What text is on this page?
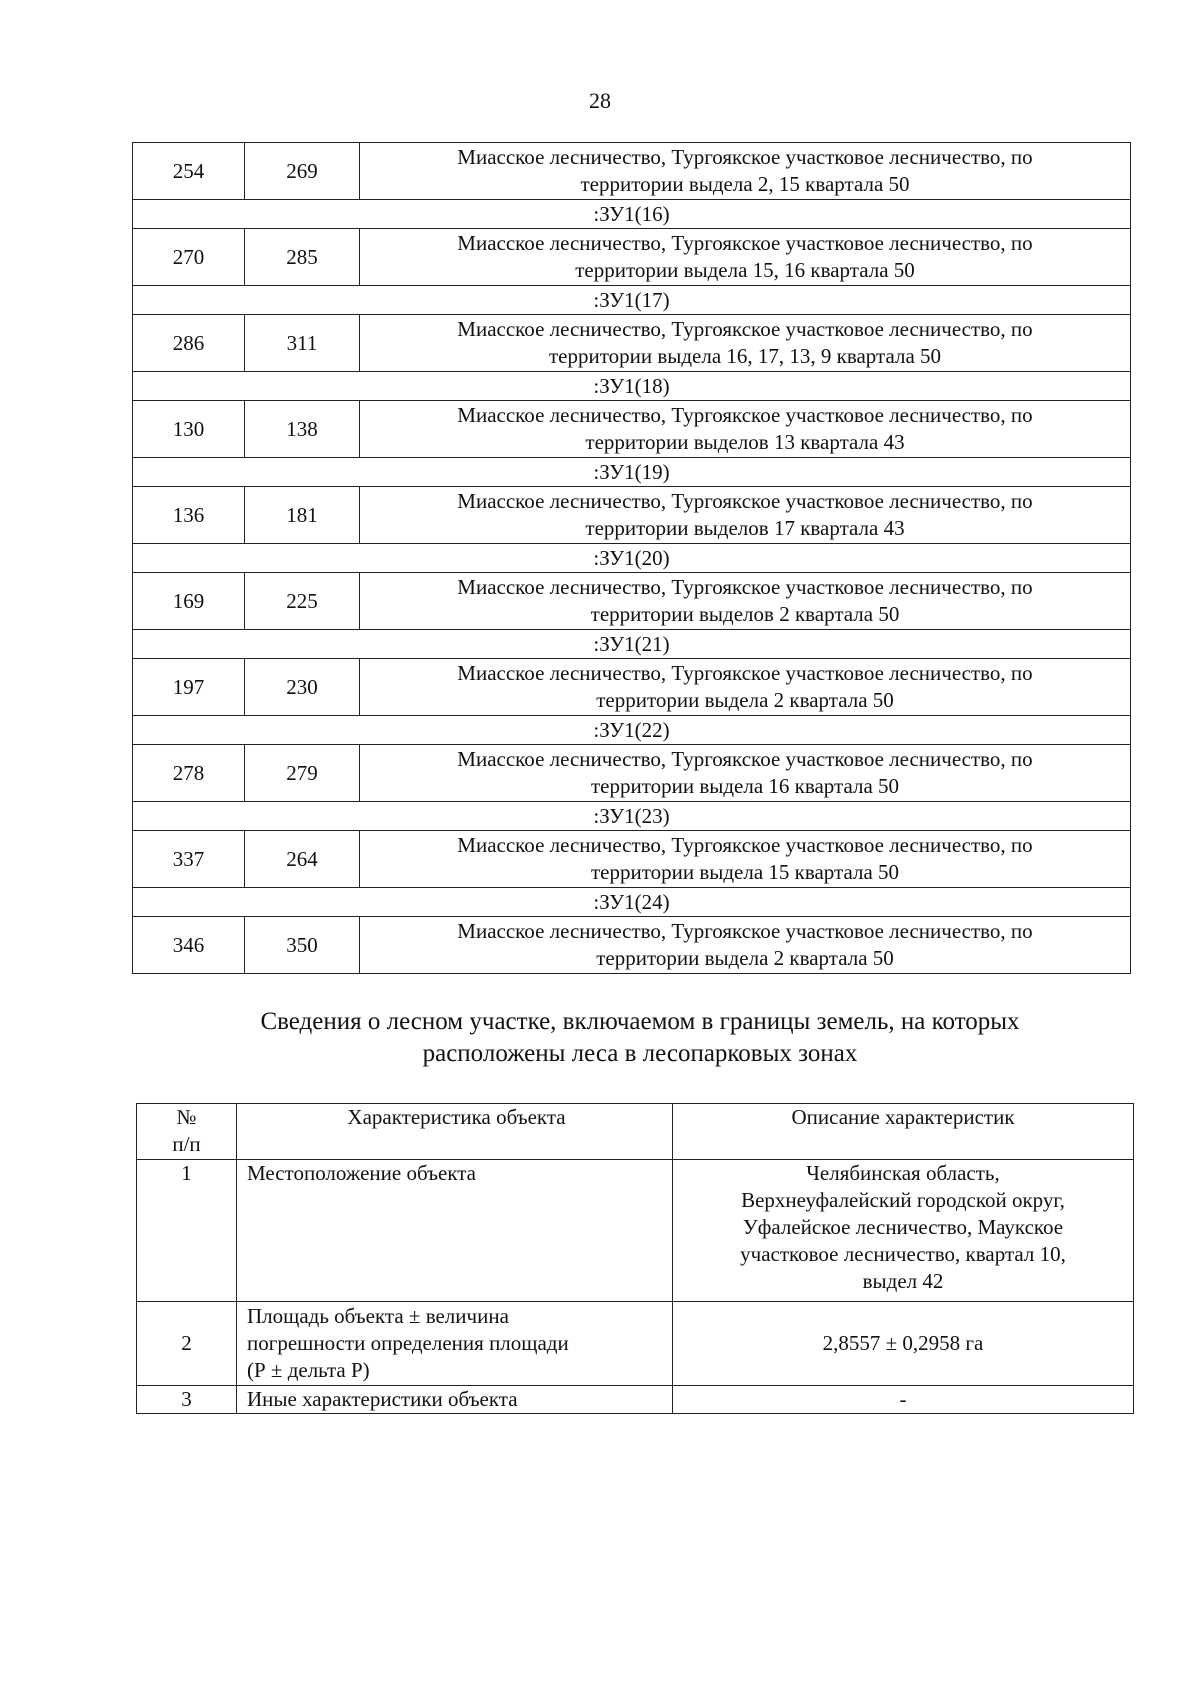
28
254	269	Миасское лесничество, Тургоякское участковое лесничество, по
территории выдела 2, 15 квартала 50
:ЗУ1(16)		
270	285	Миасское лесничество, Тургоякское участковое лесничество, по
территории выдела 15, 16 квартала 50
:ЗУ1(17)		
286	311	Миасское лесничество, Тургоякское участковое лесничество, по
территории выдела 16, 17, 13, 9 квартала 50
:ЗУ1(18)		
130	138	Миасское лесничество, Тургоякское участковое лесничество, по
территории выделов 13 квартала 43
:ЗУ1(19)		
136	181	Миасское лесничество, Тургоякское участковое лесничество, по
территории выделов 17 квартала 43
:ЗУ1(20)		
169	225	Миасское лесничество, Тургоякское участковое лесничество, по
территории выделов 2 квартала 50
:ЗУ1(21)		
197	230	Миасское лесничество, Тургоякское участковое лесничество, по
территории выдела 2 квартала 50
:ЗУ1(22)		
278	279	Миасское лесничество, Тургоякское участковое лесничество, по
территории выдела 16 квартала 50
:ЗУ1(23)		
337	264	Миасское лесничество, Тургоякское участковое лесничество, по
территории выдела 15 квартала 50
:ЗУ1(24)		
346	350	Миасское лесничество, Тургоякское участковое лесничество, по
территории выдела 2 квартала 50
Сведения о лесном участке, включаемом в границы земель, на которых
расположены леса в лесопарковых зонах
№
п/п	Характеристика объекта	Описание характеристик
1	Местоположение объекта	Челябинская область,
Верхнеуфалейский городской округ,
Уфалейское лесничество, Маукское
участковое лесничество, квартал 10,
выдел 42
2	Площадь объекта ± величина
погрешности определения площади
(Р ± дельта Р)	2,8557 ± 0,2958 га
3	Иные характеристики объекта	-
